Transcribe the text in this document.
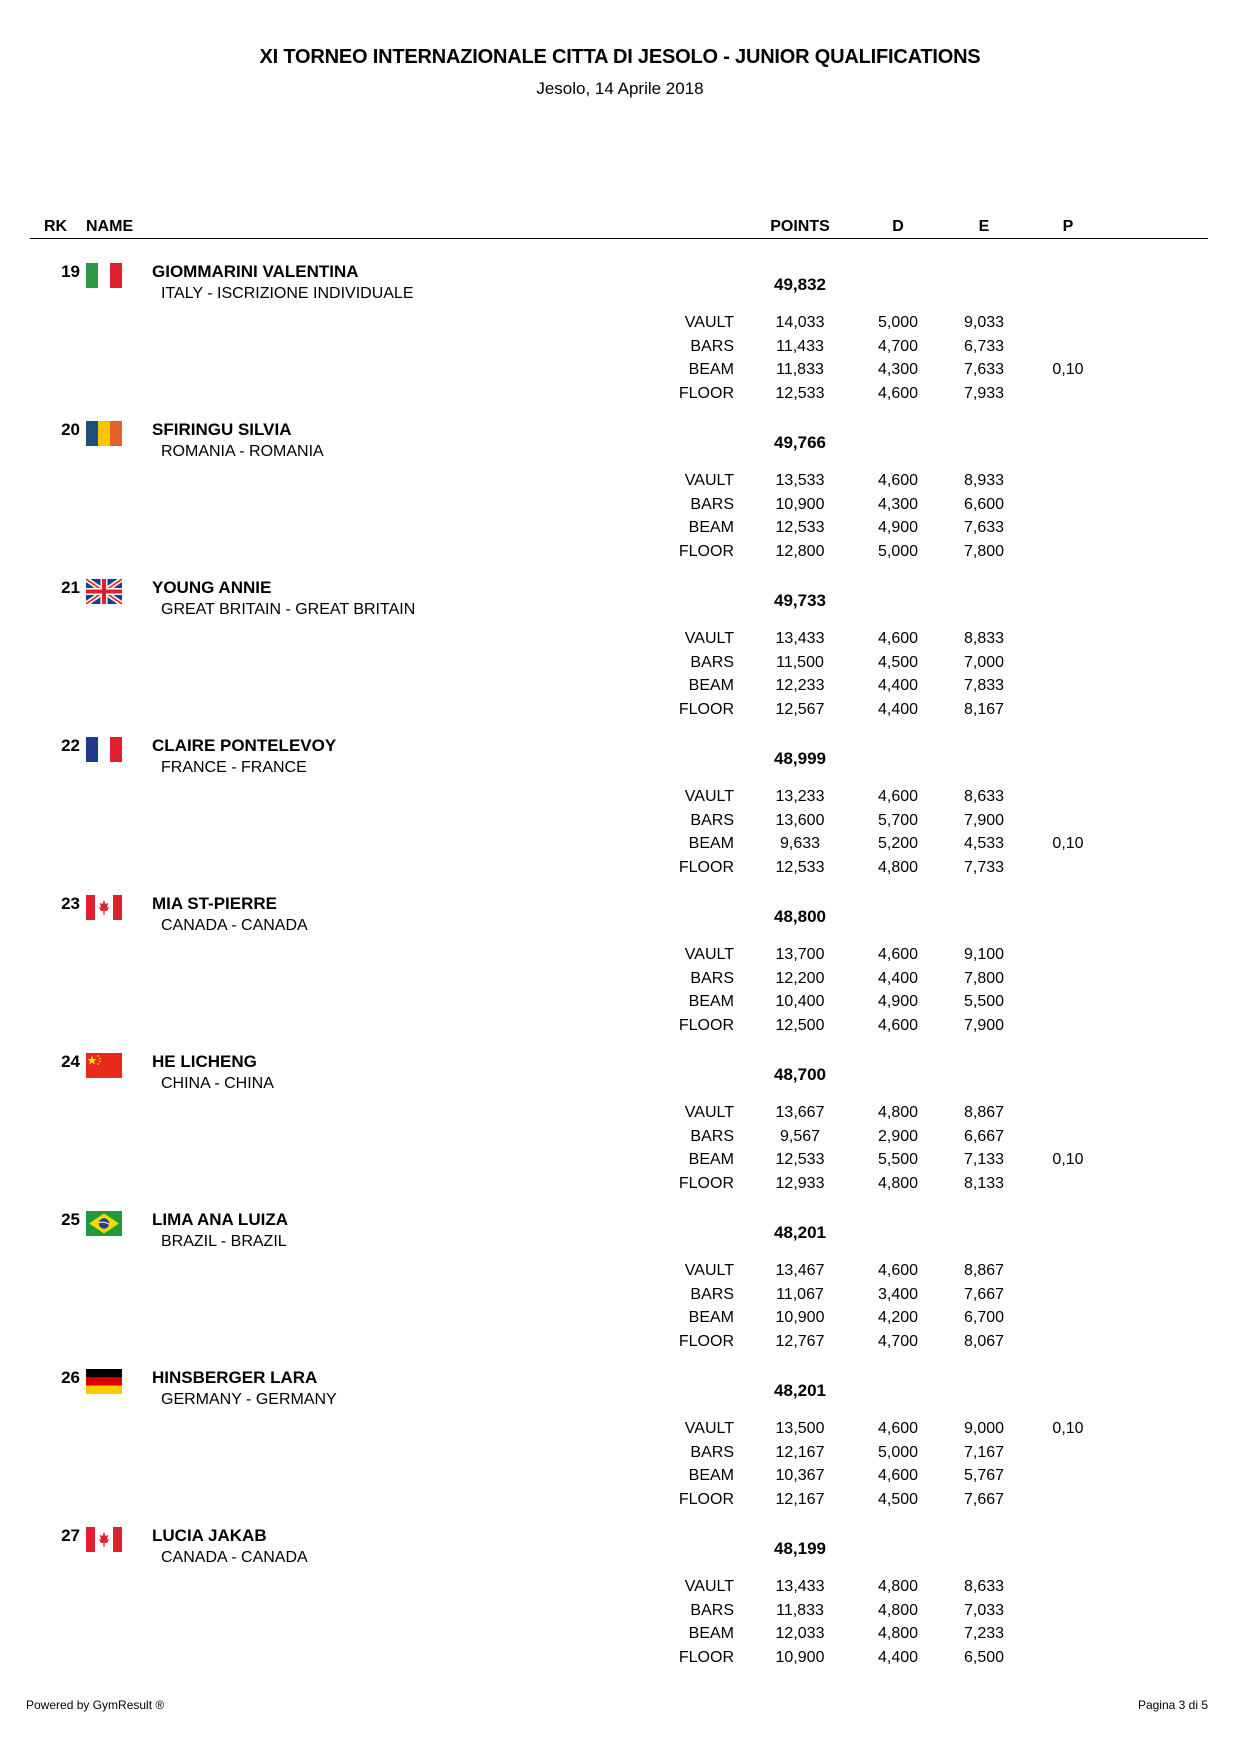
XI TORNEO INTERNAZIONALE CITTA DI JESOLO - JUNIOR QUALIFICATIONS
Jesolo, 14 Aprile 2018
RK NAME	POINTS	D	E	P
19	GIOMMARINI VALENTINA
ITALY - ISCRIZIONE INDIVIDUALE	49,832
VAULT	14,033	5,000	9,033
BARS	11,433	4,700	6,733
BEAM	11,833	4,300	7,633	0,10
FLOOR	12,533	4,600	7,933
20	SFIRINGU SILVIA
ROMANIA - ROMANIA	49,766
VAULT	13,533	4,600	8,933
BARS	10,900	4,300	6,600
BEAM	12,533	4,900	7,633
FLOOR	12,800	5,000	7,800
21	YOUNG ANNIE
GREAT BRITAIN - GREAT BRITAIN	49,733
VAULT	13,433	4,600	8,833
BARS	11,500	4,500	7,000
BEAM	12,233	4,400	7,833
FLOOR	12,567	4,400	8,167
22	CLAIRE PONTELEVOY
FRANCE - FRANCE	48,999
VAULT	13,233	4,600	8,633
BARS	13,600	5,700	7,900
BEAM	9,633	5,200	4,533	0,10
FLOOR	12,533	4,800	7,733
23	MIA ST-PIERRE
CANADA - CANADA	48,800
VAULT	13,700	4,600	9,100
BARS	12,200	4,400	7,800
BEAM	10,400	4,900	5,500
FLOOR	12,500	4,600	7,900
24	HE LICHENG
CHINA - CHINA	48,700
VAULT	13,667	4,800	8,867
BARS	9,567	2,900	6,667
BEAM	12,533	5,500	7,133	0,10
FLOOR	12,933	4,800	8,133
25	LIMA ANA LUIZA
BRAZIL - BRAZIL	48,201
VAULT	13,467	4,600	8,867
BARS	11,067	3,400	7,667
BEAM	10,900	4,200	6,700
FLOOR	12,767	4,700	8,067
26	HINSBERGER LARA
GERMANY - GERMANY	48,201
VAULT	13,500	4,600	9,000	0,10
BARS	12,167	5,000	7,167
BEAM	10,367	4,600	5,767
FLOOR	12,167	4,500	7,667
27	LUCIA JAKAB
CANADA - CANADA	48,199
VAULT	13,433	4,800	8,633
BARS	11,833	4,800	7,033
BEAM	12,033	4,800	7,233
FLOOR	10,900	4,400	6,500
Powered by GymResult ®	Pagina 3 di 5
